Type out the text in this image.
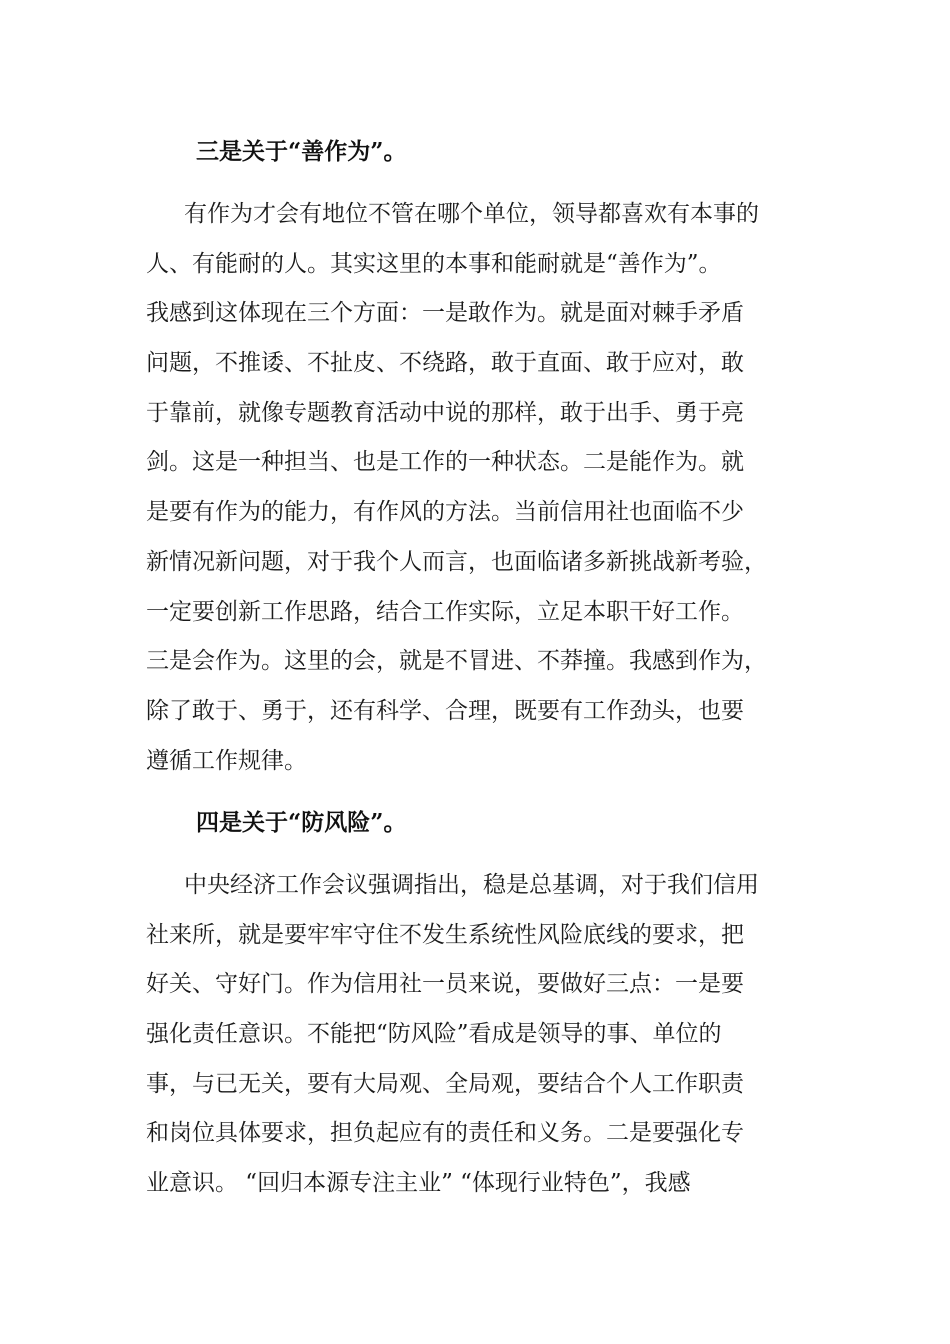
三是关于“善作为”。
有作为才会有地位不管在哪个单位，领导都喜欢有本事的
人、有能耐的人。其实这里的本事和能耐就是“善作为”。
我感到这体现在三个方面：一是敢作为。就是面对棘手矛盾
问题，不推诿、不扯皮、不绕路，敢于直面、敢于应对，敢
于靠前，就像专题教育活动中说的那样，敢于出手、勇于亮
剑。这是一种担当、也是工作的一种状态。二是能作为。就
是要有作为的能力，有作风的方法。当前信用社也面临不少
新情况新问题，对于我个人而言，也面临诸多新挑战新考验，
一定要创新工作思路，结合工作实际，立足本职干好工作。
三是会作为。这里的会，就是不冒进、不莽撞。我感到作为，
除了敢于、勇于，还有科学、合理，既要有工作劲头，也要
遵循工作规律。
四是关于“防风险”。
中央经济工作会议强调指出，稳是总基调，对于我们信用
社来所，就是要牢牢守住不发生系统性风险底线的要求，把
好关、守好门。作为信用社一员来说，要做好三点：一是要
强化责任意识。不能把“防风险”看成是领导的事、单位的
事，与已无关，要有大局观、全局观，要结合个人工作职责
和岗位具体要求，担负起应有的责任和义务。二是要强化专
业意识。 “回归本源专注主业” “体现行业特色”，我感
